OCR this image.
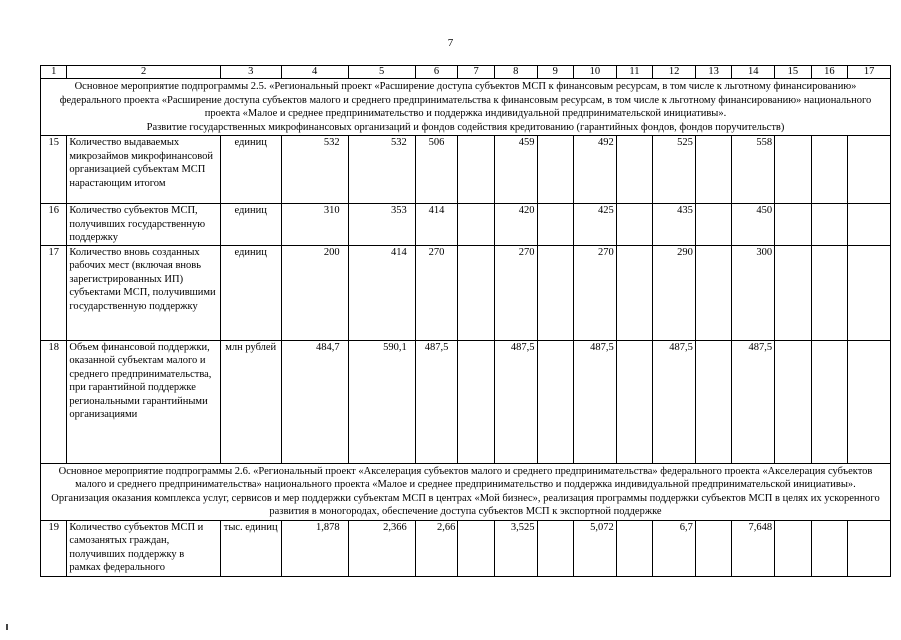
7
1	2	3	4	5	6	7	8	9	10	11	12	13	14	15	16	17

Основное мероприятие подпрограммы 2.5. «Региональный проект «Расширение доступа субъектов МСП к финансовым ресурсам, в том числе к льготному финансированию» федерального проекта «Расширение доступа субъектов малого и среднего предпринимательства к финансовым ресурсам, в том числе к льготному финансированию» национального проекта «Малое и среднее предпринимательство и поддержка индивидуальной предпринимательской инициативы».
Развитие государственных микрофинансовых организаций и фондов содействия кредитованию (гарантийных фондов, фондов поручительств)																

15	Количество выдаваемых микрозаймов микрофинансовой организацией субъектам МСП нарастающим итогом	единиц	532	532	506		459		492		525		558			
16	Количество субъектов МСП, получивших государственную поддержку	единиц	310	353	414		420		425		435		450			
17	Количество вновь созданных рабочих мест (включая вновь зарегистрированных ИП) субъектами МСП, получившими государственную поддержку	единиц	200	414	270		270		270		290		300			
18	Объем финансовой поддержки, оказанной субъектам малого и среднего предпринимательства, при гарантийной поддержке региональными гарантийными организациями	млн рублей	484,7	590,1	487,5		487,5		487,5		487,5		487,5			

Основное мероприятие подпрограммы 2.6. «Региональный проект «Акселерация субъектов малого и среднего предпринимательства» федерального проекта «Акселерация субъектов малого и среднего предпринимательства» национального проекта «Малое и среднее предпринимательство и поддержка индивидуальной предпринимательской инициативы».
Организация оказания комплекса услуг, сервисов и мер поддержки субъектам МСП в центрах «Мой бизнес», реализация программы поддержки субъектов МСП в целях их ускоренного развития в моногородах, обеспечение доступа субъектов МСП к экспортной поддержке																

19	Количество субъектов МСП и самозанятых граждан, получивших поддержку в рамках федерального	тыс. единиц	1,878	2,366	2,66		3,525		5,072		6,7		7,648			
